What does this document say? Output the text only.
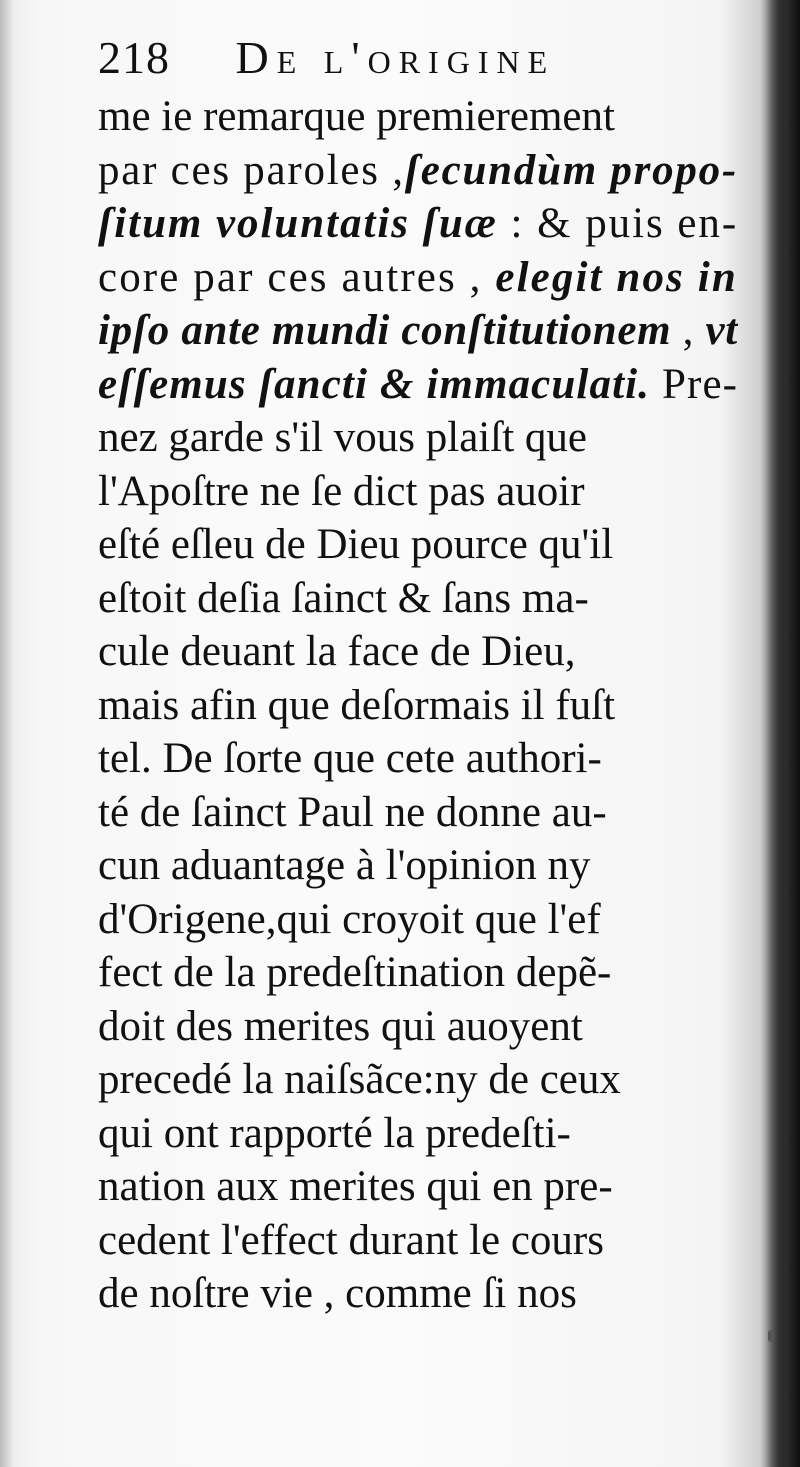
218 De l'origine
me ie remarque premierement
par ces paroles ,ſecundùm propo-
ſitum voluntatis ſuæ : & puis en-
core par ces autres , elegit nos in
ipſo ante mundi conſtitutionem , vt
eſſemus ſancti & immaculati. Pre-
nez garde s'il vous plaiſt que
l'Apoſtre ne ſe dict pas auoir
eſté eſleu de Dieu pource qu'il
eſtoit deſia ſainct & ſans ma-
cule deuant la face de Dieu,
mais afin que deſormais il fuſt
tel. De ſorte que cete authori-
té de ſainct Paul ne donne au-
cun aduantage à l'opinion ny
d'Origene,qui croyoit que l'ef
fect de la predeſtination depẽ-
doit des merites qui auoyent
precedé la naiſsãce:ny de ceux
qui ont rapporté la predeſti-
nation aux merites qui en pre-
cedent l'effect durant le cours
de noſtre vie , comme ſi nos
